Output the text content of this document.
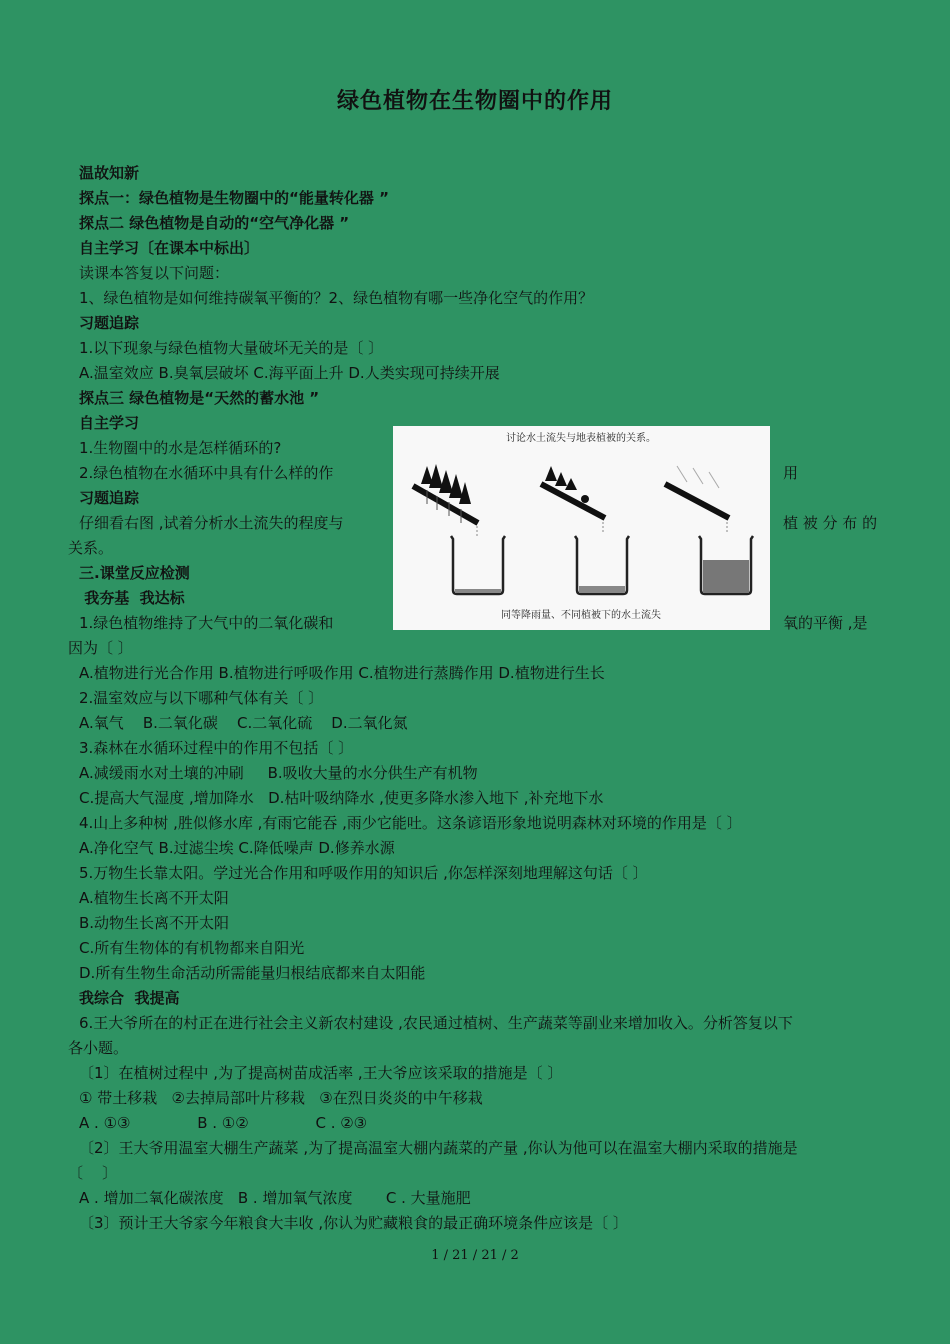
绿色植物在生物圈中的作用
温故知新
探点一：绿色植物是生物圈中的“能量转化器 ”
探点二 绿色植物是自动的“空气净化器 ”
自主学习〔在课本中标出〕
读课本答复以下问题：
1、绿色植物是如何维持碳氧平衡的？2、绿色植物有哪一些净化空气的作用？
习题追踪
1.以下现象与绿色植物大量破坏无关的是〔 〕
A.温室效应 B.臭氧层破坏 C.海平面上升 D.人类实现可持续开展
探点三 绿色植物是“天然的蓄水池 ”
自主学习
1.生物圈中的水是怎样循环的?
2.绿色植物在水循环中具有什么样的作
习题追踪
仔细看右图 ,试着分析水土流失的程度与
关系。
三.课堂反应检测
我夯基  我达标
1.绿色植物维持了大气中的二氧化碳和
因为〔 〕
A.植物进行光合作用 B.植物进行呼吸作用 C.植物进行蒸腾作用 D.植物进行生长
2.温室效应与以下哪种气体有关〔 〕
A.氧气    B.二氧化碳    C.二氧化硫    D.二氧化氮
3.森林在水循环过程中的作用不包括〔 〕
A.减缓雨水对土壤的冲刷     B.吸收大量的水分供生产有机物
C.提高大气湿度 ,增加降水   D.枯叶吸纳降水 ,使更多降水渗入地下 ,补充地下水
4.山上多种树 ,胜似修水库 ,有雨它能吞 ,雨少它能吐。这条谚语形象地说明森林对环境的作用是〔 〕
A.净化空气 B.过滤尘埃 C.降低噪声 D.修养水源
5.万物生长靠太阳。学过光合作用和呼吸作用的知识后 ,你怎样深刻地理解这句话〔 〕
A.植物生长离不开太阳
B.动物生长离不开太阳
C.所有生物体的有机物都来自阳光
D.所有生物生命活动所需能量归根结底都来自太阳能
我综合  我提高
6.王大爷所在的村正在进行社会主义新农村建设 ,农民通过植树、生产蔬菜等副业来增加收入。分析答复以下
各小题。
〔1〕在植树过程中 ,为了提高树苗成活率 ,王大爷应该采取的措施是〔 〕
① 带土移栽   ②去掉局部叶片移栽   ③在烈日炎炎的中午移栽
A . ①③              B . ①②              C . ②③
〔2〕王大爷用温室大棚生产蔬菜 ,为了提高温室大棚内蔬菜的产量 ,你认为他可以在温室大棚内采取的措施是
〔    〕
A . 增加二氧化碳浓度   B . 增加氧气浓度       C . 大量施肥
〔3〕预计王大爷家今年粮食大丰收 ,你认为贮藏粮食的最正确环境条件应该是〔 〕
用
植 被 分 布 的
氧的平衡 ,是
讨论水土流失与地表植被的关系。
同等降雨量、不同植被下的水土流失
1 / 21 / 21 / 2
